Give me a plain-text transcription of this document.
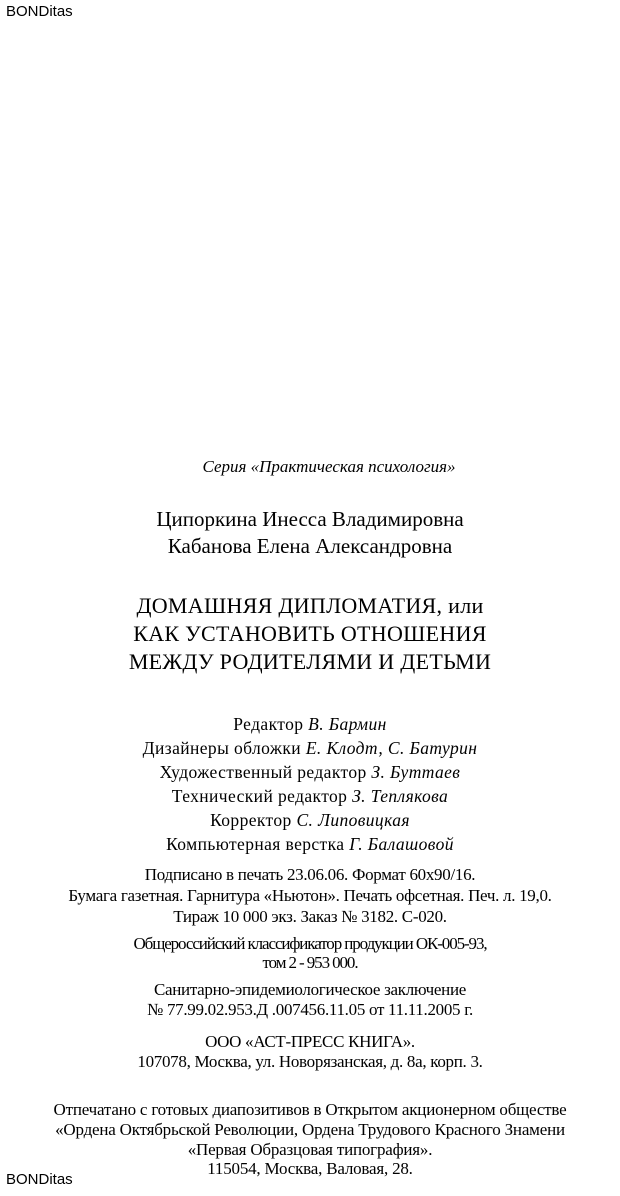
BONDitas
Серия «Практическая психология»
Ципоркина Инесса Владимировна
Кабанова Елена Александровна
ДОМАШНЯЯ ДИПЛОМАТИЯ, или
КАК УСТАНОВИТЬ ОТНОШЕНИЯ
МЕЖДУ РОДИТЕЛЯМИ И ДЕТЬМИ
Редактор В. Бармин
Дизайнеры обложки Е. Клодт, С. Батурин
Художественный редактор З. Буттаев
Технический редактор З. Теплякова
Корректор С. Липовицкая
Компьютерная верстка Г. Балашовой
Подписано в печать 23.06.06. Формат 60x90/16.
Бумага газетная. Гарнитура «Ньютон». Печать офсетная. Печ. л. 19,0.
Тираж 10 000 экз. Заказ № 3182. С-020.
Общероссийский классификатор продукции ОК-005-93,
том 2 - 953 000.
Санитарно-эпидемиологическое заключение
№ 77.99.02.953.Д .007456.11.05 от 11.11.2005 г.
ООО «АСТ-ПРЕСС КНИГА».
107078, Москва, ул. Новорязанская, д. 8а, корп. 3.
Отпечатано с готовых диапозитивов в Открытом акционерном обществе
«Ордена Октябрьской Революции, Ордена Трудового Красного Знамени
«Первая Образцовая типография».
115054, Москва, Валовая, 28.
BONDitas
